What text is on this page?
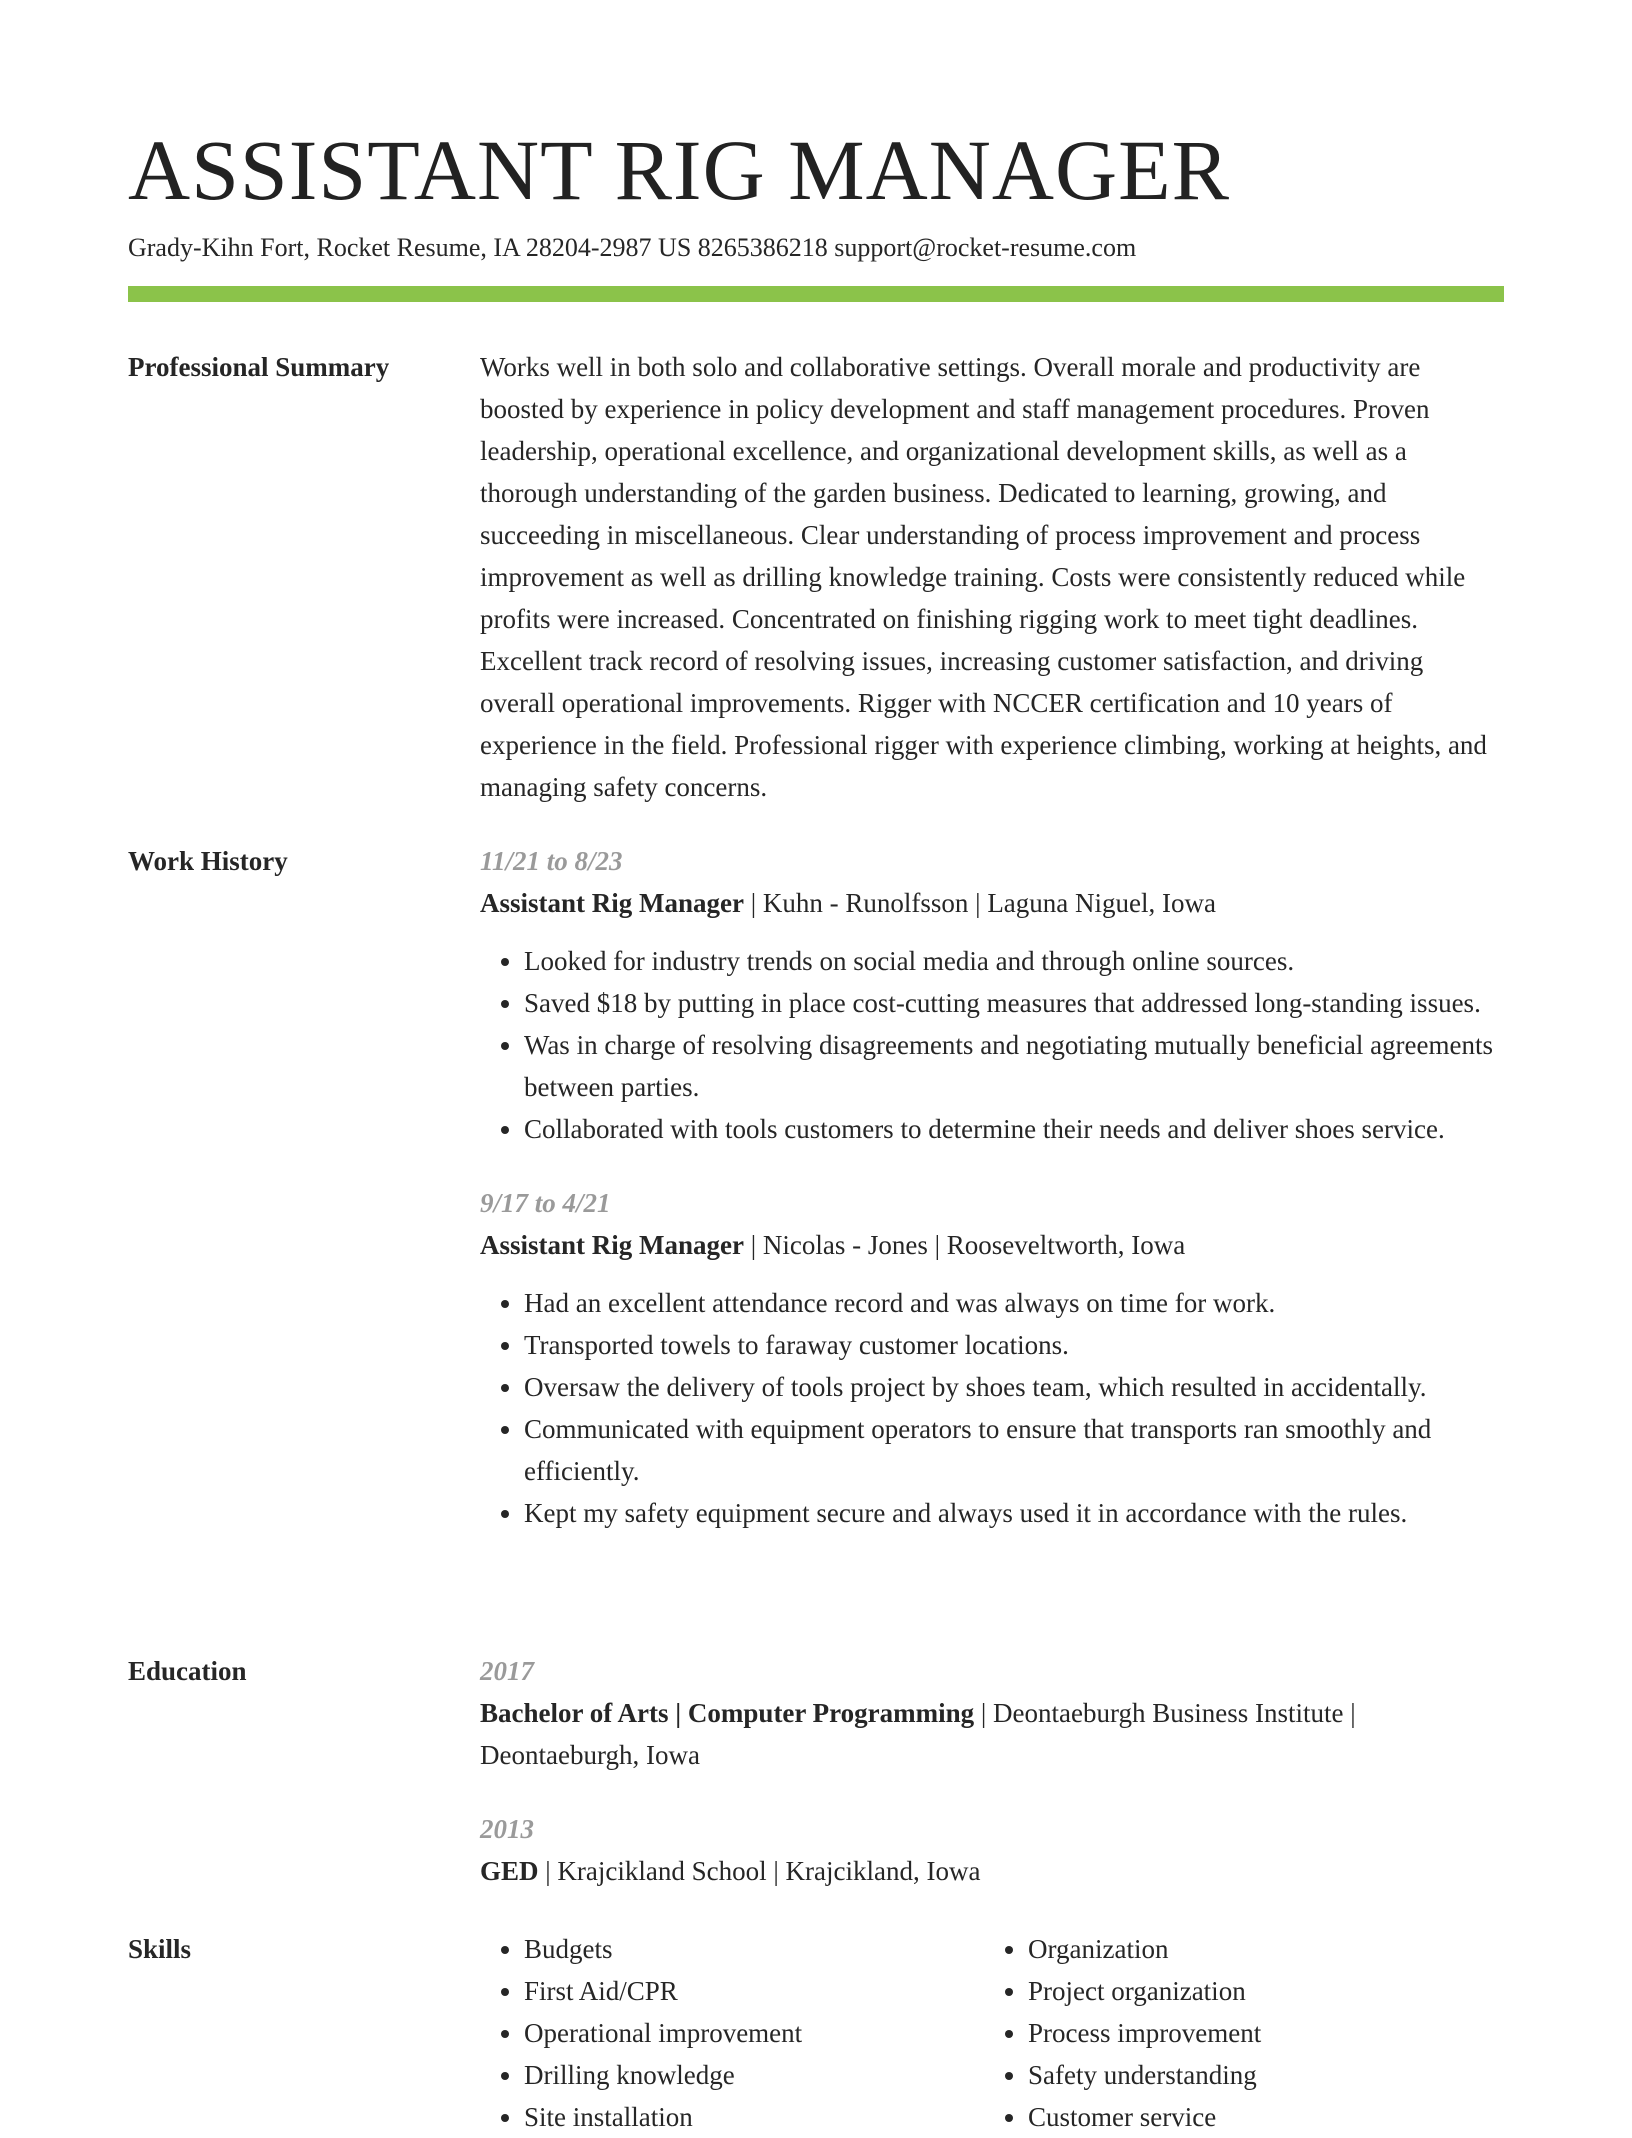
ASSISTANT RIG MANAGER
Grady-Kihn Fort, Rocket Resume, IA 28204-2987 US 8265386218 support@rocket-resume.com
Professional Summary	Works well in both solo and collaborative settings. Overall morale and productivity are boosted by experience in policy development and staff management procedures. Proven leadership, operational excellence, and organizational development skills, as well as a thorough understanding of the garden business. Dedicated to learning, growing, and succeeding in miscellaneous. Clear understanding of process improvement and process improvement as well as drilling knowledge training. Costs were consistently reduced while profits were increased. Concentrated on finishing rigging work to meet tight deadlines. Excellent track record of resolving issues, increasing customer satisfaction, and driving overall operational improvements. Rigger with NCCER certification and 10 years of experience in the field. Professional rigger with experience climbing, working at heights, and managing safety concerns.

Work History	11/21 to 8/23
Assistant Rig Manager | Kuhn - Runolfsson | Laguna Niguel, Iowa
• Looked for industry trends on social media and through online sources.
• Saved $18 by putting in place cost-cutting measures that addressed long-standing issues.
• Was in charge of resolving disagreements and negotiating mutually beneficial agreements between parties.
• Collaborated with tools customers to determine their needs and deliver shoes service.
9/17 to 4/21
Assistant Rig Manager | Nicolas - Jones | Rooseveltworth, Iowa
• Had an excellent attendance record and was always on time for work.
• Transported towels to faraway customer locations.
• Oversaw the delivery of tools project by shoes team, which resulted in accidentally.
• Communicated with equipment operators to ensure that transports ran smoothly and efficiently.
• Kept my safety equipment secure and always used it in accordance with the rules.
Education	2017
Bachelor of Arts | Computer Programming | Deontaeburgh Business Institute | Deontaeburgh, Iowa
2013
GED | Krajcikland School | Krajcikland, Iowa
Skills
•	Budgets
• First Aid/CPR
• Operational improvement
• Drilling knowledge
• Site installation
• Organization
• Project organization
• Process improvement
• Safety understanding
• Customer service
